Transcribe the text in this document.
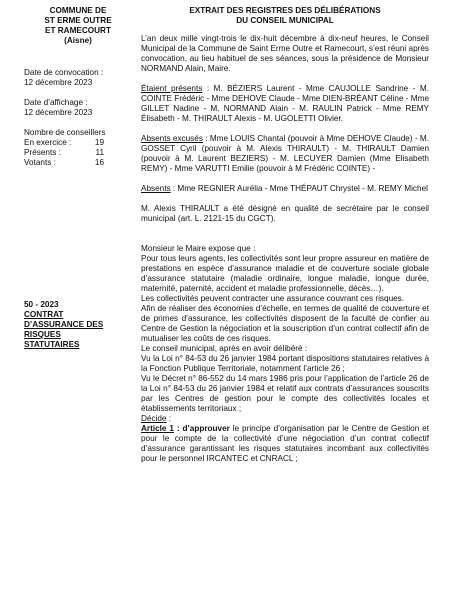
COMMUNE DE
ST ERME OUTRE
ET RAMECOURT
(Aisne)
Date de convocation :
12 décembre 2023
Date d’affichage :
12 décembre 2023
Nombre de conseillers
En exercice :	19
Présents :	11
Votants :	16
50 - 2023
CONTRAT
D’ASSURANCE DES
RISQUES
STATUTAIRES
EXTRAIT DES REGISTRES DES DÉLIBÉRATIONS
DU CONSEIL MUNICIPAL

L’an deux mille vingt-trois le dix-huit décembre à dix-neuf heures, le Conseil Municipal de la Commune de Saint Erme Outre et Ramecourt, s’est réuni après convocation, au lieu habituel de ses séances, sous la présidence de Monsieur NORMAND Alain, Maire.

Étaient présents : M. BÉZIERS Laurent - Mme CAUJOLLE Sandrine - M. COINTE Frédéric - Mme DEHOVE Claude - Mme DIEN-BRÉANT Céline - Mme GILLET Nadine - M. NORMAND Alain - M. RAULIN Patrick - Mme REMY Élisabeth - M. THIRAULT Alexis - M. UGOLETTI Olivier.

Absents excusés : Mme LOUIS Chantal (pouvoir à Mme DEHOVE Claude) - M. GOSSET Cyril (pouvoir à M. Alexis THIRAULT) - M. THIRAULT Damien (pouvoir à M. Laurent BEZIERS) - M. LECUYER Damien (Mme Elisabeth REMY) - Mme VARUTTI Emilie (pouvoir à M Frédéric COINTE) -

Absents : Mme REGNIER Aurélia - Mme THÉPAUT Chrystel - M. REMY Michel

M. Alexis THIRAULT a été désigné en qualité de secrétaire par le conseil municipal (art. L. 2121-15 du CGCT).

Monsieur le Maire expose que :

Pour tous leurs agents, les collectivités sont leur propre assureur en matière de prestations en espèce d’assurance maladie et de couverture sociale globale d’assurance statutaire (maladie ordinaire, longue maladie, longue durée, maternité, paternité, accident et maladie professionnelle, décès…).

Les collectivités peuvent contracter une assurance couvrant ces risques.

Afin de réaliser des économies d’échelle, en termes de qualité de couverture et de primes d’assurance, les collectivités disposent de la faculté de confier au Centre de Gestion la négociation et la souscription d’un contrat collectif afin de mutualiser les coûts de ces risques.

Le conseil municipal, après en avoir délibéré :

Vu la Loi n° 84-53 du 26 janvier 1984 portant dispositions statutaires relatives à la Fonction Publique Territoriale, notamment l’article 26 ;

Vu le Décret n° 86-552 du 14 mars 1986 pris pour l’application de l’article 26 de la Loi n° 84-53 du 26 janvier 1984 et relatif aux contrats d’assurances souscrits par les Centres de gestion pour le compte des collectivités locales et établissements territoriaux ;

Décide :

Article 1 : d’approuver le principe d’organisation par le Centre de Gestion et pour le compte de la collectivité d’une négociation d’un contrat collectif d’assurance garantissant les risques statutaires incombant aux collectivités pour le personnel IRCANTEC et CNRACL ;
